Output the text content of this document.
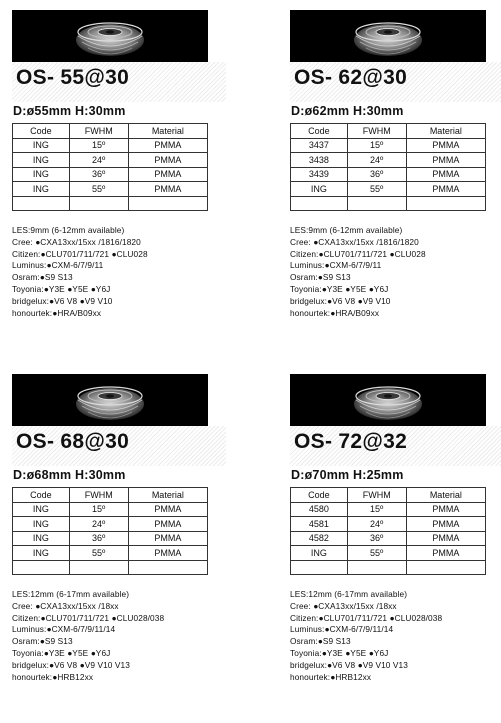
OS- 55@30
D:ø55mm H:30mm
Code	FWHM	Material
ING	15º	PMMA
ING	24º	PMMA
ING	36º	PMMA
ING	55º	PMMA

LES:9mm (6-12mm available)
Cree: ●CXA13xx/15xx /1816/1820
Citizen:●CLU701/711/721 ●CLU028
Luminus:●CXM-6/7/9/11
Osram:●S9 S13
Toyonia:●Y3E ●Y5E ●Y6J
bridgelux:●V6 V8 ●V9 V10
honourtek:●HRA/B09xx
OS- 62@30
D:ø62mm H:30mm
Code	FWHM	Material
3437	15º	PMMA
3438	24º	PMMA
3439	36º	PMMA
ING	55º	PMMA

LES:9mm (6-12mm available)
Cree: ●CXA13xx/15xx /1816/1820
Citizen:●CLU701/711/721 ●CLU028
Luminus:●CXM-6/7/9/11
Osram:●S9 S13
Toyonia:●Y3E ●Y5E ●Y6J
bridgelux:●V6 V8 ●V9 V10
honourtek:●HRA/B09xx
OS- 68@30
D:ø68mm H:30mm
Code	FWHM	Material
ING	15º	PMMA
ING	24º	PMMA
ING	36º	PMMA
ING	55º	PMMA

LES:12mm (6-17mm available)
Cree: ●CXA13xx/15xx /18xx
Citizen:●CLU701/711/721 ●CLU028/038
Luminus:●CXM-6/7/9/11/14
Osram:●S9 S13
Toyonia:●Y3E ●Y5E ●Y6J
bridgelux:●V6 V8 ●V9 V10 V13
honourtek:●HRB12xx
OS- 72@32
D:ø70mm H:25mm
Code	FWHM	Material
4580	15º	PMMA
4581	24º	PMMA
4582	36º	PMMA
ING	55º	PMMA

LES:12mm (6-17mm available)
Cree: ●CXA13xx/15xx /18xx
Citizen:●CLU701/711/721 ●CLU028/038
Luminus:●CXM-6/7/9/11/14
Osram:●S9 S13
Toyonia:●Y3E ●Y5E ●Y6J
bridgelux:●V6 V8 ●V9 V10 V13
honourtek:●HRB12xx
